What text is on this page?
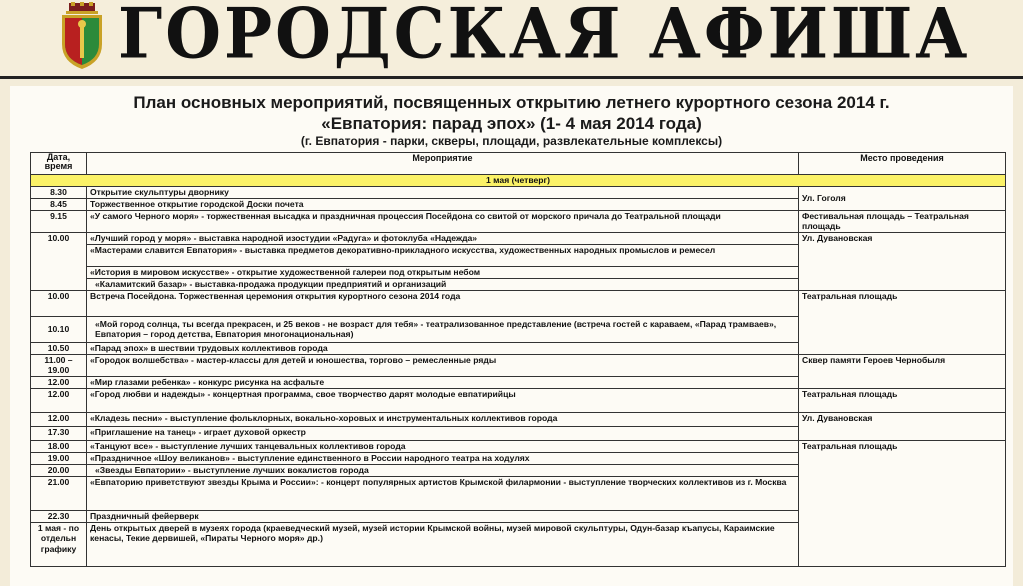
ГОРОДСКАЯ АФИША
План основных мероприятий, посвященных открытию летнего курортного сезона 2014 г.
«Евпатория: парад эпох» (1- 4 мая 2014 года)
(г. Евпатория - парки, скверы, площади, развлекательные комплексы)
Дата, время	Мероприятие	Место проведения	
1 мая (четверг)			
8.30	Открытие скульптуры дворнику	Ул. Гоголя	
8.45	Торжественное открытие городской Доски почета		
9.15	«У самого Черного моря» - торжественная высадка и праздничная процессия Посейдона со свитой от морского причала до Театральной площади	Фестивальная площадь – Театральная площадь	
10.00	«Лучший город у моря» - выставка народной изостудии «Радуга» и фотоклуба «Надежда»	Ул. Дувановская	
	«Мастерами славится Евпатория» - выставка предметов декоративно-прикладного искусства, художественных народных промыслов и ремесел		
	«История в мировом искусстве» - открытие художественной галереи под открытым небом		
	«Каламитский базар» - выставка-продажа продукции предприятий и организаций		
10.00	Встреча Посейдона. Торжественная церемония открытия курортного сезона 2014 года	Театральная площадь	
10.10	«Мой город солнца, ты всегда прекрасен, и 25 веков - не возраст для тебя» - театрализованное представление (встреча гостей с караваем, «Парад трамваев», Евпатория – город детства, Евпатория многонациональная)		
10.50	«Парад эпох» в шествии трудовых коллективов города		
11.00 – 19.00	«Городок волшебства» - мастер-классы для детей и юношества, торгово – ремесленные ряды	Сквер памяти Героев Чернобыля	
12.00	«Мир глазами ребенка» - конкурс рисунка на асфальте		
12.00	«Город любви и надежды» - концертная программа, свое творчество дарят молодые евпатирийцы	Театральная площадь	
12.00	«Кладезь песни» - выступление фольклорных, вокально-хоровых и инструментальных коллективов города	Ул. Дувановская	
17.30	«Приглашение на танец» - играет духовой оркестр		
18.00	«Танцуют все» - выступление лучших танцевальных коллективов города	Театральная площадь	
19.00	«Праздничное «Шоу великанов» - выступление единственного в России народного театра на ходулях		
20.00	«Звезды Евпатории» - выступление лучших вокалистов города		
21.00	«Евпаторию приветствуют звезды Крыма и России»: - концерт популярных артистов Крымской филармонии - выступление творческих коллективов из г. Москва		
22.30	Праздничный фейерверк		
1 мая - по отдельн графику	День открытых дверей в музеях города (краеведческий музей, музей истории Крымской войны, музей мировой скульптуры, Одун-базар къапусы, Караимские кенасы, Текие дервишей, «Пираты Черного моря» др.)	
